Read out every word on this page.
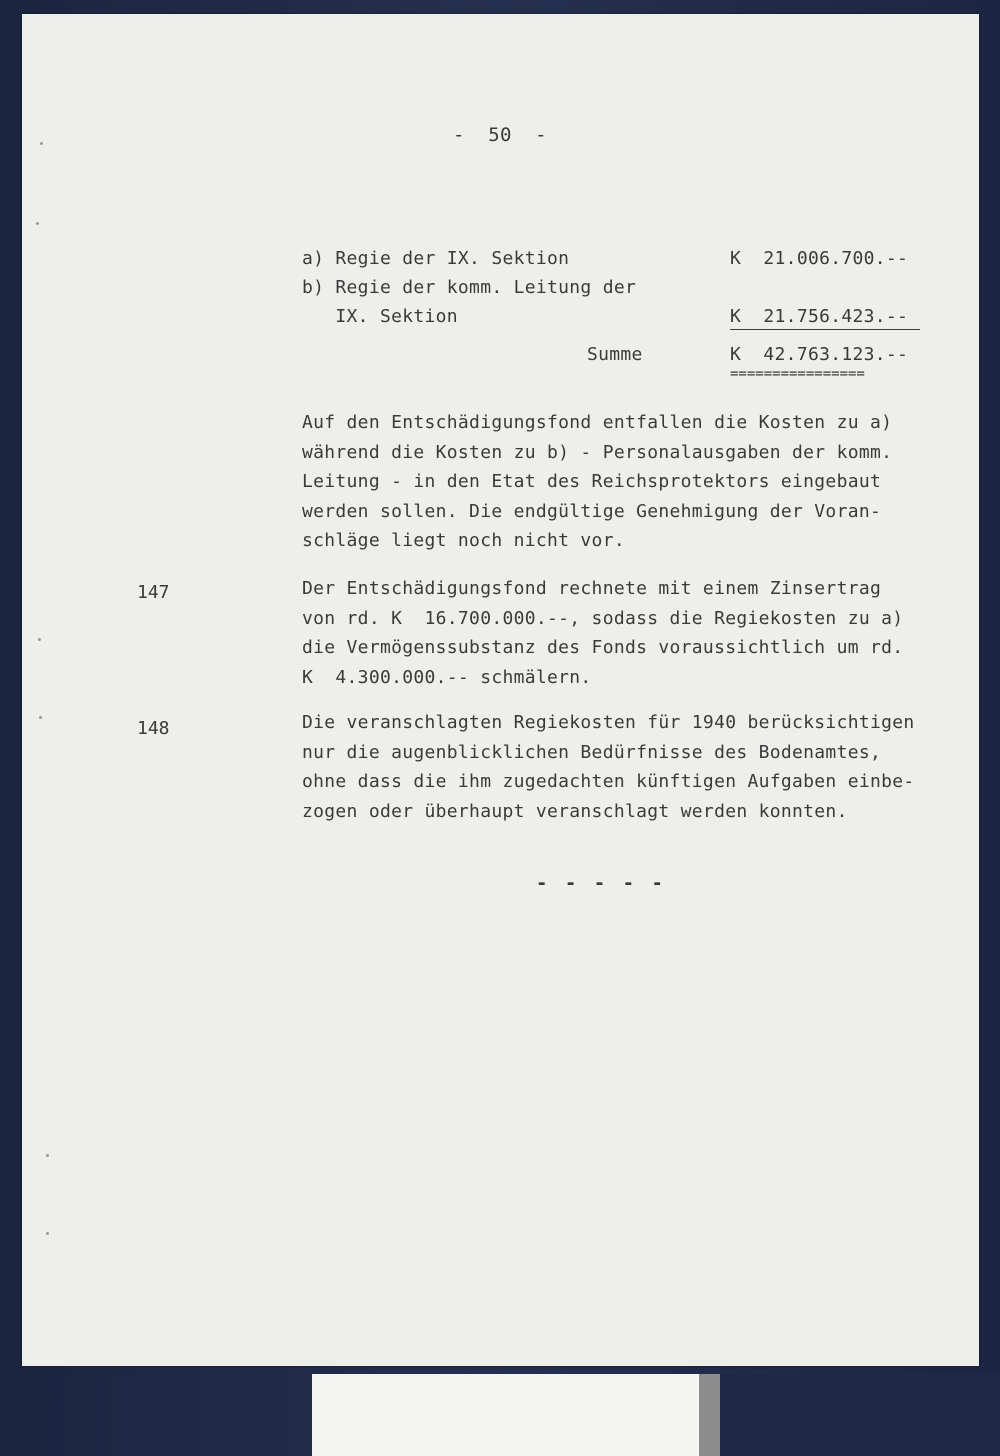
-  50  -
a) Regie der IX. Sektion	K  21.006.700.--
b) Regie der komm. Leitung der
IX. Sektion	K  21.756.423.--
Summe	K  42.763.123.--
================
Auf den Entschädigungsfond entfallen die Kosten zu a)
während die Kosten zu b) - Personalausgaben der komm.
Leitung - in den Etat des Reichsprotektors eingebaut
werden sollen. Die endgültige Genehmigung der Voran-
schläge liegt noch nicht vor.
147	Der Entschädigungsfond rechnete mit einem Zinsertrag
von rd. K  16.700.000.--, sodass die Regiekosten zu a)
die Vermögenssubstanz des Fonds voraussichtlich um rd.
K  4.300.000.-- schmälern.
148	Die veranschlagten Regiekosten für 1940 berücksichtigen
nur die augenblicklichen Bedürfnisse des Bodenamtes,
ohne dass die ihm zugedachten künftigen Aufgaben einbe-
zogen oder überhaupt veranschlagt werden konnten.
- - - - -
